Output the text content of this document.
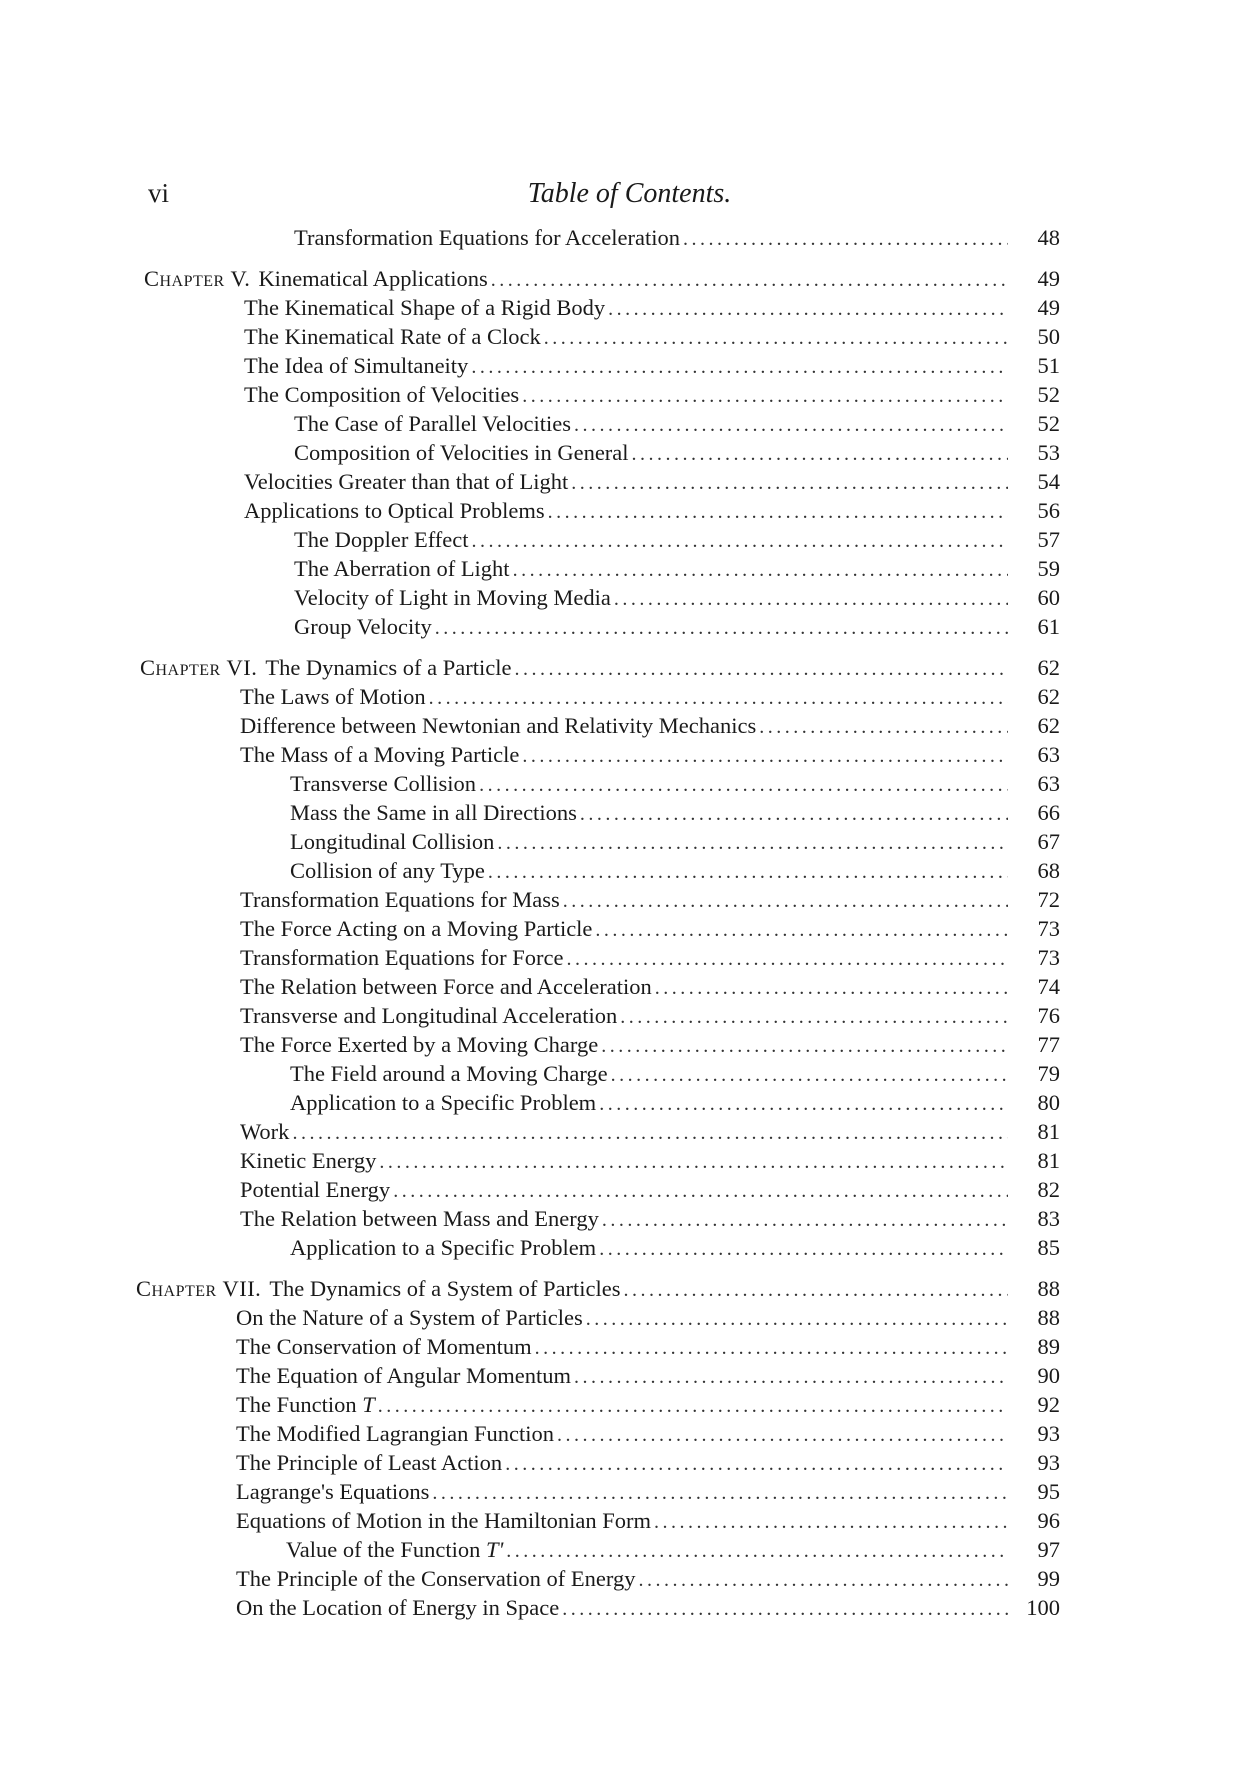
vi	Table of Contents.
Transformation Equations for Acceleration .....	48
Chapter V. Kinematical Applications .....	49
The Kinematical Shape of a Rigid Body .....	49
The Kinematical Rate of a Clock .....	50
The Idea of Simultaneity .....	51
The Composition of Velocities .....	52
The Case of Parallel Velocities .....	52
Composition of Velocities in General .....	53
Velocities Greater than that of Light .....	54
Applications to Optical Problems .....	56
The Doppler Effect .....	57
The Aberration of Light .....	59
Velocity of Light in Moving Media .....	60
Group Velocity .....	61
Chapter VI. The Dynamics of a Particle .....	62
The Laws of Motion .....	62
Difference between Newtonian and Relativity Mechanics .....	62
The Mass of a Moving Particle .....	63
Transverse Collision .....	63
Mass the Same in all Directions .....	66
Longitudinal Collision .....	67
Collision of any Type .....	68
Transformation Equations for Mass .....	72
The Force Acting on a Moving Particle .....	73
Transformation Equations for Force .....	73
The Relation between Force and Acceleration .....	74
Transverse and Longitudinal Acceleration .....	76
The Force Exerted by a Moving Charge .....	77
The Field around a Moving Charge .....	79
Application to a Specific Problem .....	80
Work .....	81
Kinetic Energy .....	81
Potential Energy .....	82
The Relation between Mass and Energy .....	83
Application to a Specific Problem .....	85
Chapter VII. The Dynamics of a System of Particles .....	88
On the Nature of a System of Particles .....	88
The Conservation of Momentum .....	89
The Equation of Angular Momentum .....	90
The Function T .....	92
The Modified Lagrangian Function .....	93
The Principle of Least Action .....	93
Lagrange's Equations .....	95
Equations of Motion in the Hamiltonian Form .....	96
Value of the Function T' .....	97
The Principle of the Conservation of Energy .....	99
On the Location of Energy in Space .....	100
